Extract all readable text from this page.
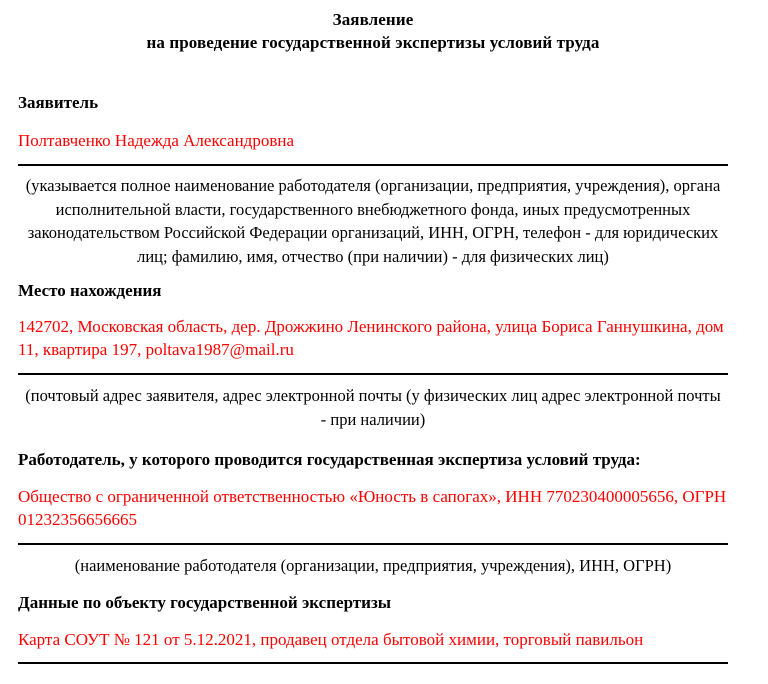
Заявление
на проведение государственной экспертизы условий труда
Заявитель
Полтавченко Надежда Александровна
(указывается полное наименование работодателя (организации, предприятия, учреждения), органа исполнительной власти, государственного внебюджетного фонда, иных предусмотренных законодательством Российской Федерации организаций, ИНН, ОГРН, телефон - для юридических лиц; фамилию, имя, отчество (при наличии) - для физических лиц)
Место нахождения
142702, Московская область, дер. Дрожжино Ленинского района, улица Бориса Ганнушкина, дом 11, квартира 197, poltava1987@mail.ru
(почтовый адрес заявителя, адрес электронной почты (у физических лиц адрес электронной почты - при наличии)
Работодатель, у которого проводится государственная экспертиза условий труда:
Общество с ограниченной ответственностью «Юность в сапогах», ИНН 770230400005656, ОГРН 01232356656665
(наименование работодателя (организации, предприятия, учреждения), ИНН, ОГРН)
Данные по объекту государственной экспертизы
Карта СОУТ № 121 от 5.12.2021, продавец отдела бытовой химии, торговый павильон
